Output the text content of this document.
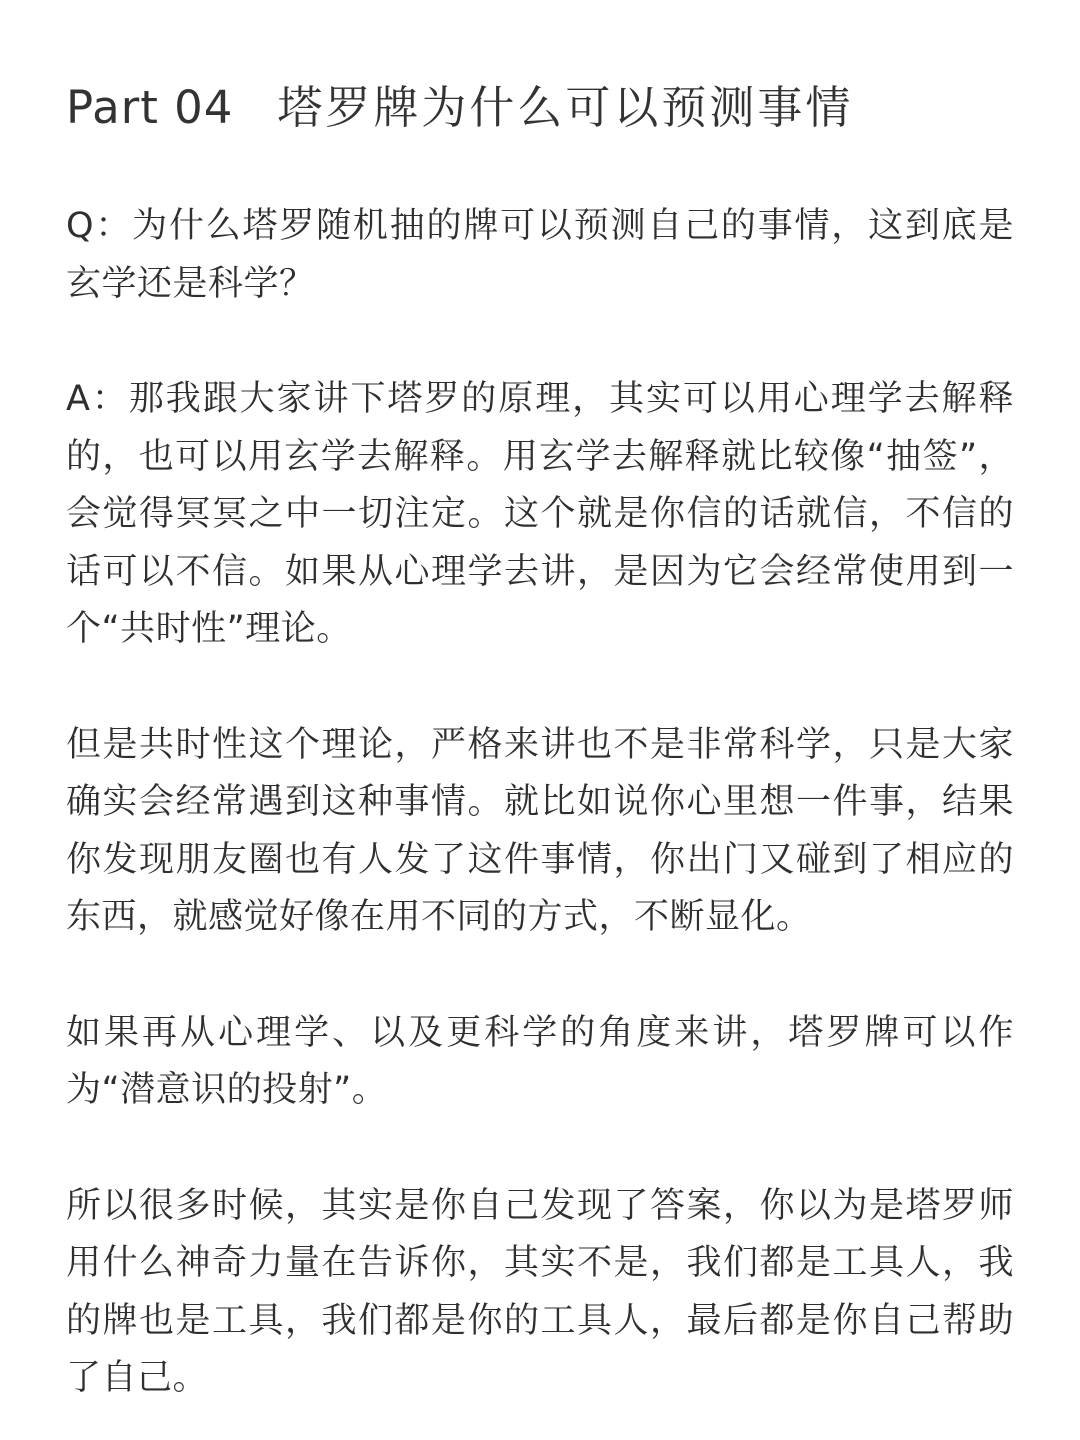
Part 04 塔罗牌为什么可以预测事情

Q：为什么塔罗随机抽的牌可以预测自己的事情，这到底是玄学还是科学？

A：那我跟大家讲下塔罗的原理，其实可以用心理学去解释的，也可以用玄学去解释。用玄学去解释就比较像“抽签”，会觉得冥冥之中一切注定。这个就是你信的话就信，不信的话可以不信。如果从心理学去讲，是因为它会经常使用到一个“共时性”理论。

但是共时性这个理论，严格来讲也不是非常科学，只是大家确实会经常遇到这种事情。就比如说你心里想一件事，结果你发现朋友圈也有人发了这件事情，你出门又碰到了相应的东西，就感觉好像在用不同的方式，不断显化。

如果再从心理学、以及更科学的角度来讲，塔罗牌可以作为“潜意识的投射”。

所以很多时候，其实是你自己发现了答案，你以为是塔罗师用什么神奇力量在告诉你，其实不是，我们都是工具人，我的牌也是工具，我们都是你的工具人，最后都是你自己帮助了自己。
